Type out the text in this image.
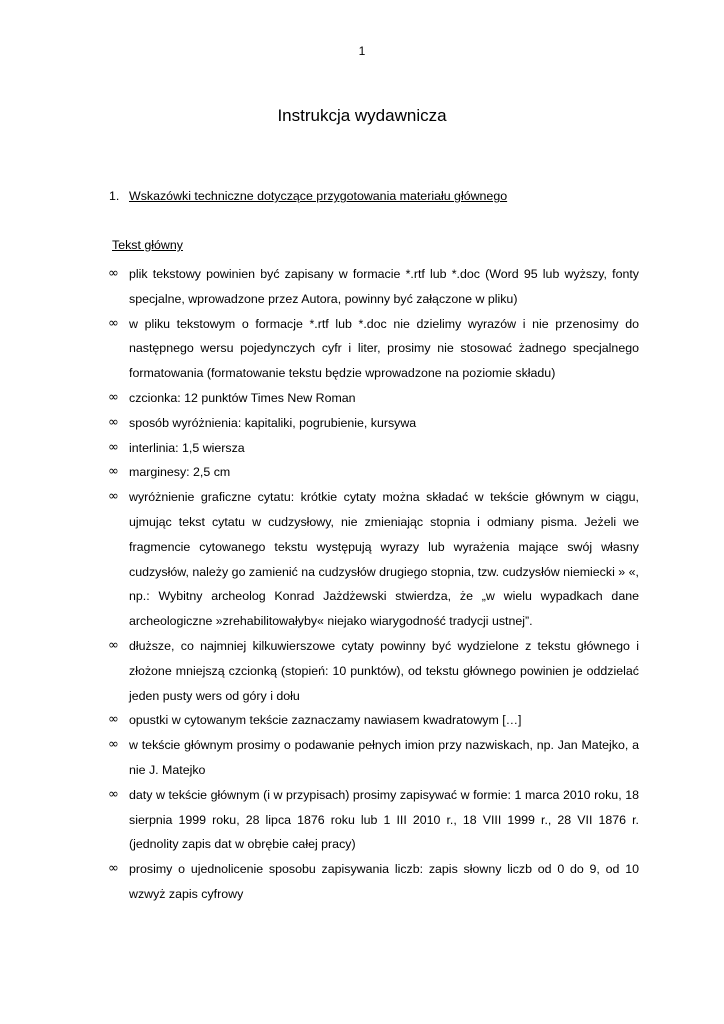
1
Instrukcja wydawnicza
1. Wskazówki techniczne dotyczące przygotowania materiału głównego
Tekst główny
∞ plik tekstowy powinien być zapisany w formacie *.rtf lub *.doc (Word 95 lub wyższy, fonty specjalne, wprowadzone przez Autora, powinny być załączone w pliku)
∞ w pliku tekstowym o formacje *.rtf lub *.doc nie dzielimy wyrazów i nie przenosimy do następnego wersu pojedynczych cyfr i liter, prosimy nie stosować żadnego specjalnego formatowania (formatowanie tekstu będzie wprowadzone na poziomie składu)
∞ czcionka: 12 punktów Times New Roman
∞ sposób wyróżnienia: kapitaliki, pogrubienie, kursywa
∞ interlinia: 1,5 wiersza
∞ marginesy: 2,5 cm
∞ wyróżnienie graficzne cytatu: krótkie cytaty można składać w tekście głównym w ciągu, ujmując tekst cytatu w cudzysłowy, nie zmieniając stopnia i odmiany pisma. Jeżeli we fragmencie cytowanego tekstu występują wyrazy lub wyrażenia mające swój własny cudzysłów, należy go zamienić na cudzysłów drugiego stopnia, tzw. cudzysłów niemiecki » «, np.: Wybitny archeolog Konrad Jażdżewski stwierdza, że „w wielu wypadkach dane archeologiczne »zrehabilitowałyby« niejako wiarygodność tradycji ustnej”.
∞ dłuższe, co najmniej kilkuwierszowe cytaty powinny być wydzielone z tekstu głównego i złożone mniejszą czcionką (stopień: 10 punktów), od tekstu głównego powinien je oddzielać jeden pusty wers od góry i dołu
∞ opustki w cytowanym tekście zaznaczamy nawiasem kwadratowym […]
∞ w tekście głównym prosimy o podawanie pełnych imion przy nazwiskach, np. Jan Matejko, a nie J. Matejko
∞ daty w tekście głównym (i w przypisach) prosimy zapisywać w formie: 1 marca 2010 roku, 18 sierpnia 1999 roku, 28 lipca 1876 roku lub 1 III 2010 r., 18 VIII 1999 r., 28 VII 1876 r. (jednolity zapis dat w obrębie całej pracy)
∞ prosimy o ujednolicenie sposobu zapisywania liczb: zapis słowny liczb od 0 do 9, od 10 wzwyż zapis cyfrowy
